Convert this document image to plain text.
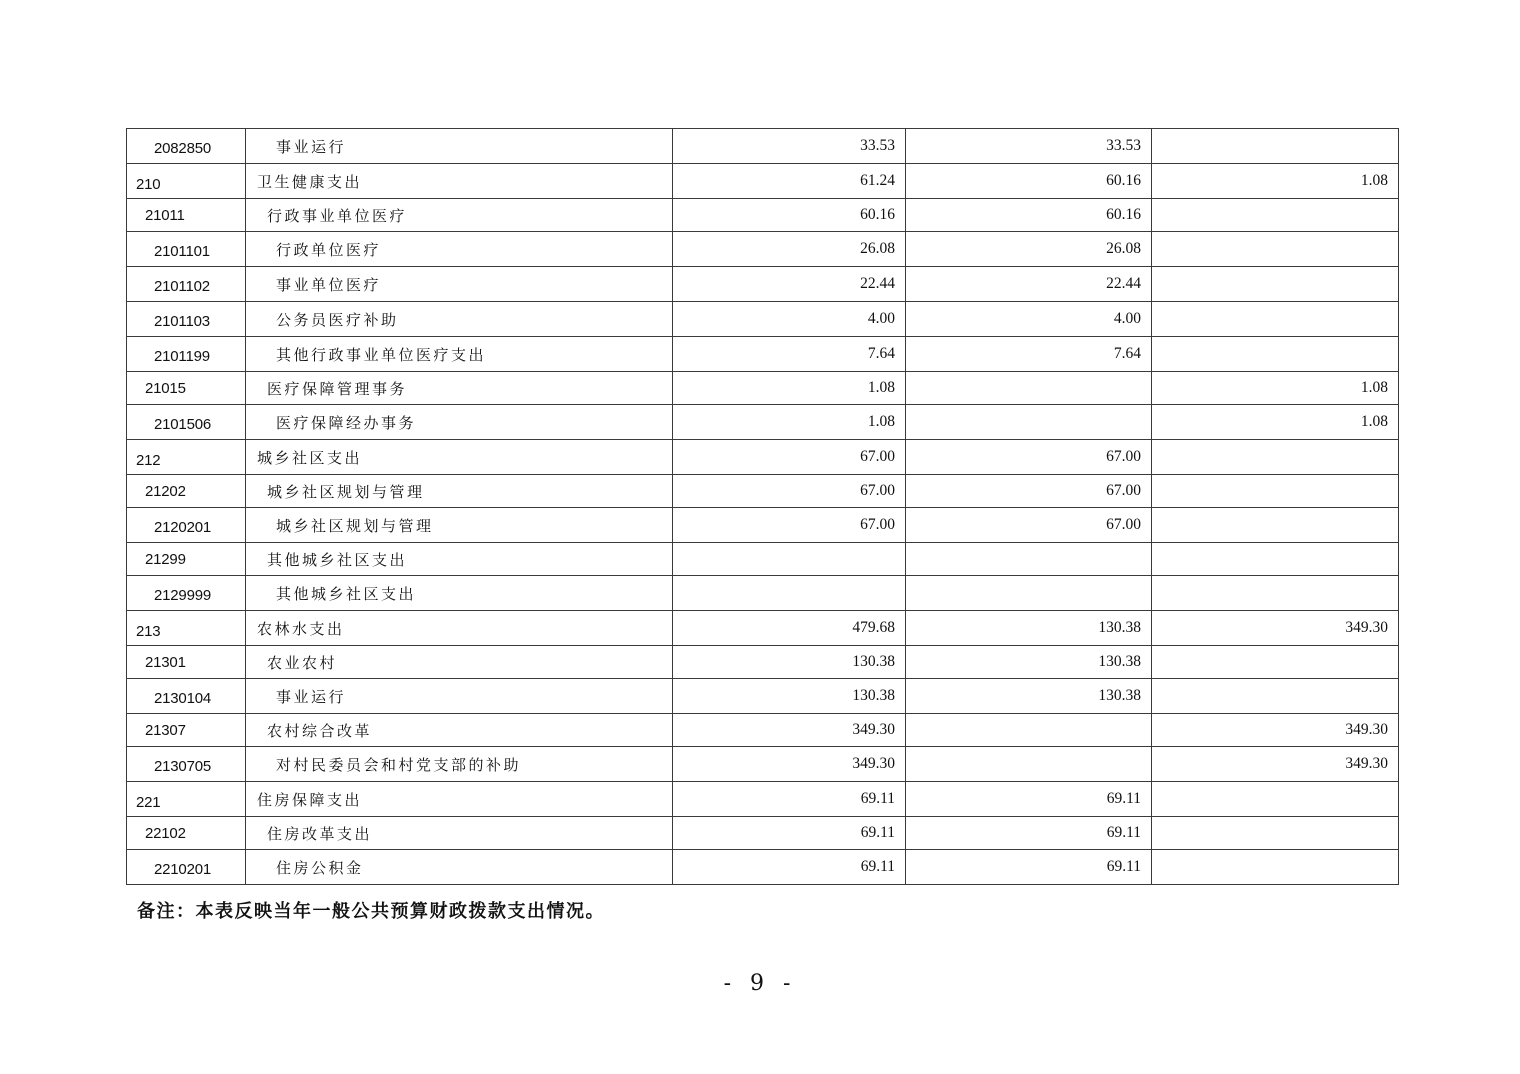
2082850	事业运行	33.53	33.53	
210	卫生健康支出	61.24	60.16	1.08
21011	行政事业单位医疗	60.16	60.16	
2101101	行政单位医疗	26.08	26.08	
2101102	事业单位医疗	22.44	22.44	
2101103	公务员医疗补助	4.00	4.00	
2101199	其他行政事业单位医疗支出	7.64	7.64	
21015	医疗保障管理事务	1.08		1.08
2101506	医疗保障经办事务	1.08		1.08
212	城乡社区支出	67.00	67.00	
21202	城乡社区规划与管理	67.00	67.00	
2120201	城乡社区规划与管理	67.00	67.00	
21299	其他城乡社区支出			
2129999	其他城乡社区支出			
213	农林水支出	479.68	130.38	349.30
21301	农业农村	130.38	130.38	
2130104	事业运行	130.38	130.38	
21307	农村综合改革	349.30		349.30
2130705	对村民委员会和村党支部的补助	349.30		349.30
221	住房保障支出	69.11	69.11	
22102	住房改革支出	69.11	69.11	
2210201	住房公积金	69.11	69.11	
备注：本表反映当年一般公共预算财政拨款支出情况。
- 9 -
